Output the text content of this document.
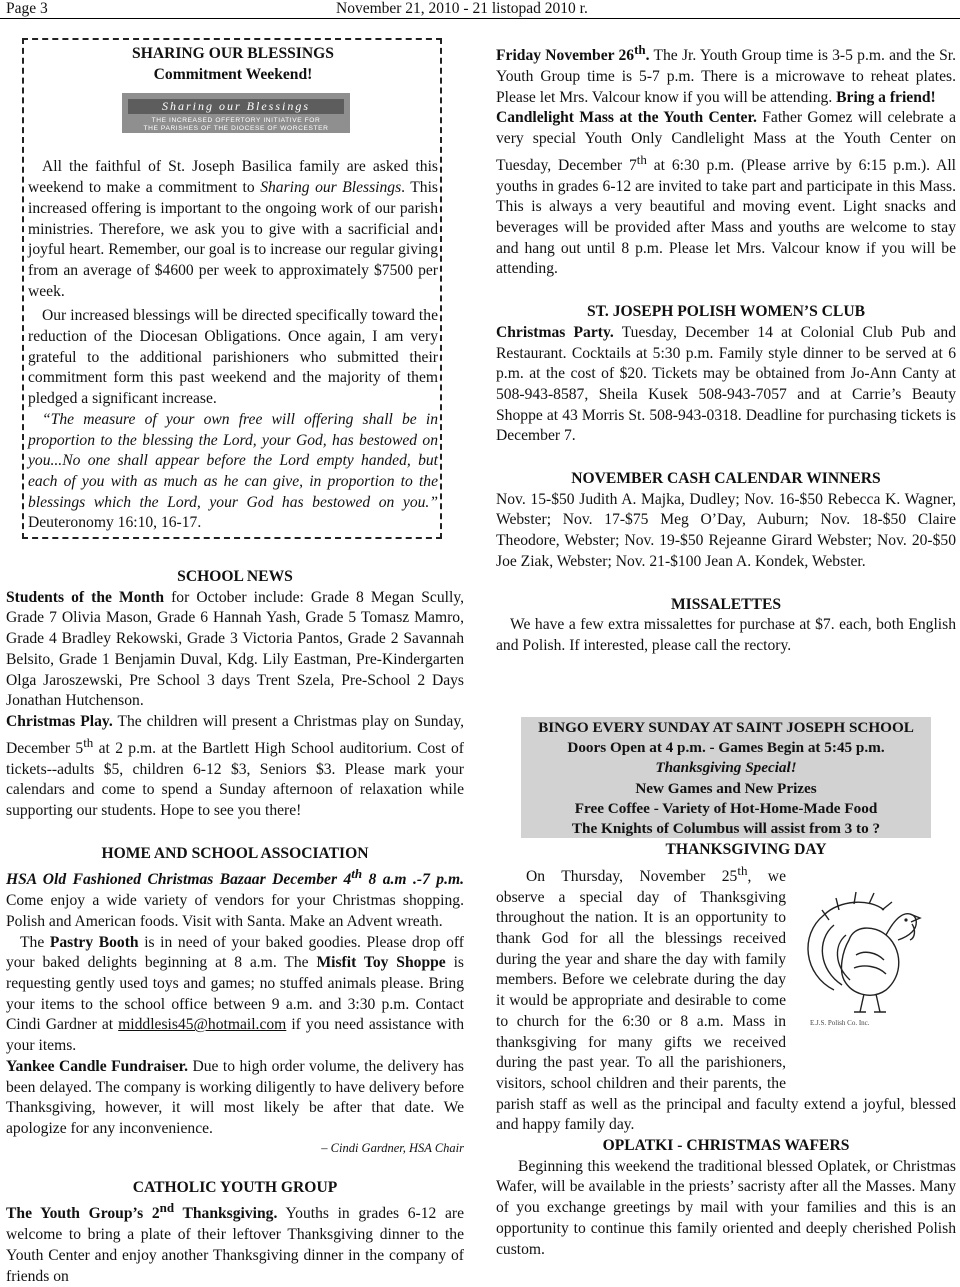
Page 3	November 21, 2010 - 21 listopad 2010 r.

SHARING OUR BLESSINGS

Commitment Weekend!

Sharing our Blessings
THE INCREASED OFFERTORY INITIATIVE FOR
THE PARISHES OF THE DIOCESE OF WORCESTER

All the faithful of St. Joseph Basilica family are asked this weekend to make a commitment to Sharing our Blessings. This increased offering is important to the ongoing work of our parish ministries. Therefore, we ask you to give with a sacrificial and joyful heart. Remember, our goal is to increase our regular giving from an average of $4600 per week to approximately $7500 per week.

Our increased blessings will be directed specifically toward the reduction of the Diocesan Obligations. Once again, I am very grateful to the additional parishioners who submitted their commitment form this past weekend and the majority of them pledged a significant increase.

“The measure of your own free will offering shall be in proportion to the blessing the Lord, your God, has bestowed on you...No one shall appear before the Lord empty handed, but each of you with as much as he can give, in proportion to the blessings which the Lord, your God has bestowed on you.” Deuteronomy 16:10, 16-17.

SCHOOL NEWS

Students of the Month for October include: Grade 8 Megan Scully, Grade 7 Olivia Mason, Grade 6 Hannah Yash, Grade 5 Tomasz Mamro, Grade 4 Bradley Rekowski, Grade 3 Victoria Pantos, Grade 2 Savannah Belsito, Grade 1 Benjamin Duval, Kdg. Lily Eastman, Pre-Kindergarten Olga Jaroszewski, Pre School 3 days Trent Szela, Pre-School 2 Days Jonathan Hutchenson.

Christmas Play. The children will present a Christmas play on Sunday, December 5th at 2 p.m. at the Bartlett High School auditorium. Cost of tickets--adults $5, children 6-12 $3, Seniors $3. Please mark your calendars and come to spend a Sunday afternoon of relaxation while supporting our students. Hope to see you there!

HOME AND SCHOOL ASSOCIATION

HSA Old Fashioned Christmas Bazaar December 4th 8 a.m .-7 p.m. Come enjoy a wide variety of vendors for your Christmas shopping. Polish and American foods. Visit with Santa. Make an Advent wreath.

The Pastry Booth is in need of your baked goodies. Please drop off your baked delights beginning at 8 a.m. The Misfit Toy Shoppe is requesting gently used toys and games; no stuffed animals please. Bring your items to the school office between 9 a.m. and 3:30 p.m. Contact Cindi Gardner at middlesis45@hotmail.com if you need assistance with your items.

Yankee Candle Fundraiser. Due to high order volume, the delivery has been delayed. The company is working diligently to have delivery before Thanksgiving, however, it will most likely be after that date. We apologize for any inconvenience.

– Cindi Gardner, HSA Chair

CATHOLIC YOUTH GROUP

The Youth Group’s 2nd Thanksgiving. Youths in grades 6-12 are welcome to bring a plate of their leftover Thanksgiving dinner to the Youth Center and enjoy another Thanksgiving dinner in the company of friends on

Friday November 26th. The Jr. Youth Group time is 3-5 p.m. and the Sr. Youth Group time is 5-7 p.m. There is a microwave to reheat plates. Please let Mrs. Valcour know if you will be attending. Bring a friend!

Candlelight Mass at the Youth Center. Father Gomez will celebrate a very special Youth Only Candlelight Mass at the Youth Center on Tuesday, December 7th at 6:30 p.m. (Please arrive by 6:15 p.m.). All youths in grades 6-12 are invited to take part and participate in this Mass. This is always a very beautiful and moving event. Light snacks and beverages will be provided after Mass and youths are welcome to stay and hang out until 8 p.m. Please let Mrs. Valcour know if you will be attending.

ST. JOSEPH POLISH WOMEN’S CLUB

Christmas Party. Tuesday, December 14 at Colonial Club Pub and Restaurant. Cocktails at 5:30 p.m. Family style dinner to be served at 6 p.m. at the cost of $20. Tickets may be obtained from Jo-Ann Canty at 508-943-8587, Sheila Kusek 508-943-7057 and at Carrie’s Beauty Shoppe at 43 Morris St. 508-943-0318. Deadline for purchasing tickets is December 7.

NOVEMBER CASH CALENDAR WINNERS

Nov. 15-$50 Judith A. Majka, Dudley; Nov. 16-$50 Rebecca K. Wagner, Webster; Nov. 17-$75 Meg O’Day, Auburn; Nov. 18-$50 Claire Theodore, Webster; Nov. 19-$50 Rejeanne Girard Webster; Nov. 20-$50 Joe Ziak, Webster; Nov. 21-$100 Jean A. Kondek, Webster.

MISSALETTES

We have a few extra missalettes for purchase at $7. each, both English and Polish. If interested, please call the rectory.

BINGO EVERY SUNDAY AT SAINT JOSEPH SCHOOL
Doors Open at 4 p.m. - Games Begin at 5:45 p.m.
Thanksgiving Special!
New Games and New Prizes
Free Coffee - Variety of Hot-Home-Made Food
The Knights of Columbus will assist from 3 to ?
E.J.S. Polish Co. Inc.

THANKSGIVING DAY

On Thursday, November 25th, we observe a special day of Thanksgiving throughout the nation. It is an opportunity to thank God for all the blessings received during the year and share the day with family members. Before we celebrate during the day it would be appropriate and desirable to come to church for the 6:30 or 8 a.m. Mass in thanksgiving for many gifts we received during the past year. To all the parishioners, visitors, school children and their parents, the parish staff as well as the principal and faculty extend a joyful, blessed and happy family day.

OPLATKI - CHRISTMAS WAFERS

Beginning this weekend the traditional blessed Oplatek, or Christmas Wafer, will be available in the priests’ sacristy after all the Masses. Many of you exchange greetings by mail with your families and this is an opportunity to continue this family oriented and deeply cherished Polish custom.
